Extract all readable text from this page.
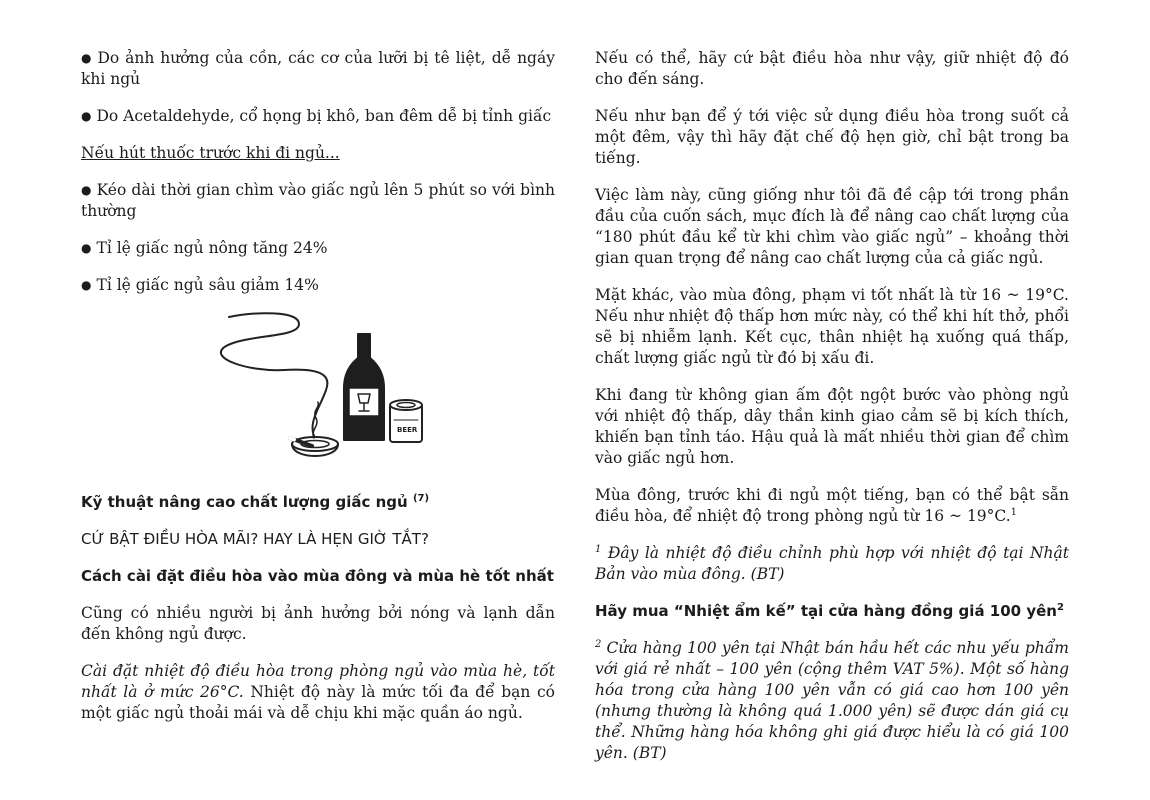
● Do ảnh hưởng của cồn, các cơ của lưỡi bị tê liệt, dễ ngáy khi ngủ

● Do Acetaldehyde, cổ họng bị khô, ban đêm dễ bị tỉnh giấc

Nếu hút thuốc trước khi đi ngủ...

● Kéo dài thời gian chìm vào giấc ngủ lên 5 phút so với bình thường

● Tỉ lệ giấc ngủ nông tăng 24%

● Tỉ lệ giấc ngủ sâu giảm 14%

BEER

Kỹ thuật nâng cao chất lượng giấc ngủ $^{(7)}$

CỨ BẬT ĐIỀU HÒA MÃI? HAY LÀ HẸN GIỜ TẮT?

Cách cài đặt điều hòa vào mùa đông và mùa hè tốt nhất

Cũng có nhiều người bị ảnh hưởng bởi nóng và lạnh dẫn đến không ngủ được.

Cài đặt nhiệt độ điều hòa trong phòng ngủ vào mùa hè, tốt nhất là ở mức 26°C. Nhiệt độ này là mức tối đa để bạn có một giấc ngủ thoải mái và dễ chịu khi mặc quần áo ngủ.

Nếu có thể, hãy cứ bật điều hòa như vậy, giữ nhiệt độ đó cho đến sáng.

Nếu như bạn để ý tới việc sử dụng điều hòa trong suốt cả một đêm, vậy thì hãy đặt chế độ hẹn giờ, chỉ bật trong ba tiếng.

Việc làm này, cũng giống như tôi đã đề cập tới trong phần đầu của cuốn sách, mục đích là để nâng cao chất lượng của “180 phút đầu kể từ khi chìm vào giấc ngủ” – khoảng thời gian quan trọng để nâng cao chất lượng của cả giấc ngủ.

Mặt khác, vào mùa đông, phạm vi tốt nhất là từ 16 ~ 19°C. Nếu như nhiệt độ thấp hơn mức này, có thể khi hít thở, phổi sẽ bị nhiễm lạnh. Kết cục, thân nhiệt hạ xuống quá thấp, chất lượng giấc ngủ từ đó bị xấu đi.

Khi đang từ không gian ấm đột ngột bước vào phòng ngủ với nhiệt độ thấp, dây thần kinh giao cảm sẽ bị kích thích, khiến bạn tỉnh táo. Hậu quả là mất nhiều thời gian để chìm vào giấc ngủ hơn.

Mùa đông, trước khi đi ngủ một tiếng, bạn có thể bật sẵn điều hòa, để nhiệt độ trong phòng ngủ từ 16 ~ 19°C.$^1$

$^1$ Đây là nhiệt độ điều chỉnh phù hợp với nhiệt độ tại Nhật Bản vào mùa đông. (BT)

Hãy mua “Nhiệt ẩm kế” tại cửa hàng đồng giá 100 yên$^2$

$^2$ Cửa hàng 100 yên tại Nhật bán hầu hết các nhu yếu phẩm với giá rẻ nhất – 100 yên (cộng thêm VAT 5%). Một số hàng hóa trong cửa hàng 100 yên vẫn có giá cao hơn 100 yên (nhưng thường là không quá 1.000 yên) sẽ được dán giá cụ thể. Những hàng hóa không ghi giá được hiểu là có giá 100 yên. (BT)
